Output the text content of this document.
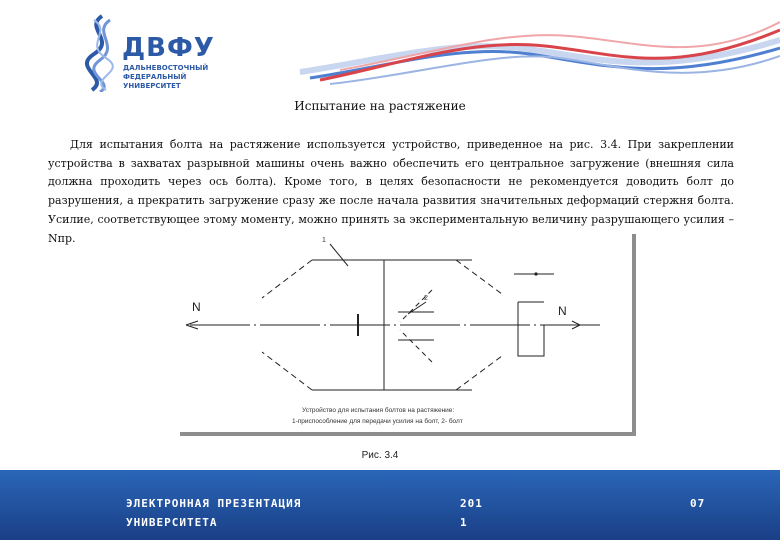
ДВФУ
ДАЛЬНЕВОСТОЧНЫЙ
ФЕДЕРАЛЬНЫЙ
УНИВЕРСИТЕТ
Испытание на растяжение

Для испытания болта на растяжение используется устройство, приведенное на рис. 3.4. При закреплении устройства в захватах разрывной машины очень важно обеспечить его центральное загружение (внешняя сила должна проходить через ось болта). Кроме того, в целях безопасности не рекомендуется доводить болт до разрушения, а прекратить загружение сразу же после начала развития значительных деформаций стержня болта. Усилие, соответствующее этому моменту, можно принять за экспериментальную величину разрушающего усилия – Nпр.	1
2
N	N
Устройство для испытания болтов на растяжение:
1-приспособление для передачи усилия на болт, 2- болт
Рис. 3.4
ЭЛЕКТРОННАЯ ПРЕЗЕНТАЦИЯ
УНИВЕРСИТЕТА
201
1
07
